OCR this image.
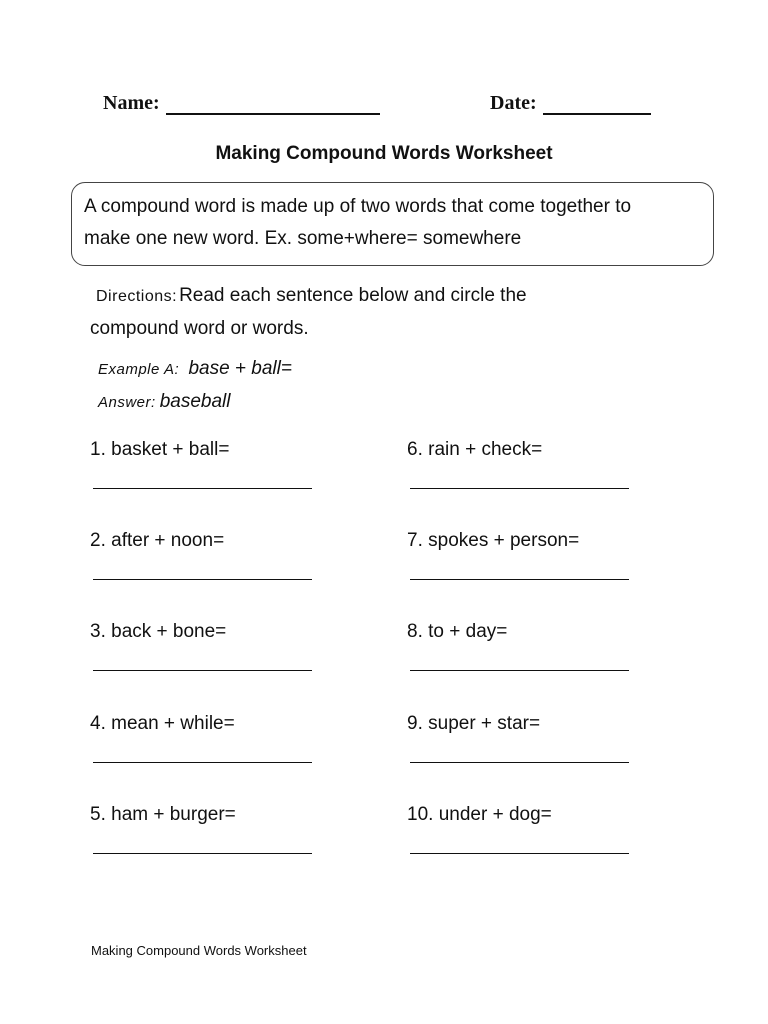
Name:	Date:
Making Compound Words Worksheet
A compound word is made up of two words that come together to
make one new word. Ex. some+where= somewhere
Directions: Read each sentence below and circle the
compound word or words.
Example A: base + ball=
Answer: baseball
1. basket + ball=
2. after + noon=
3. back + bone=
4. mean + while=
5. ham + burger=
6. rain + check=
7. spokes + person=
8. to + day=
9. super + star=
10. under + dog=
Making Compound Words Worksheet
